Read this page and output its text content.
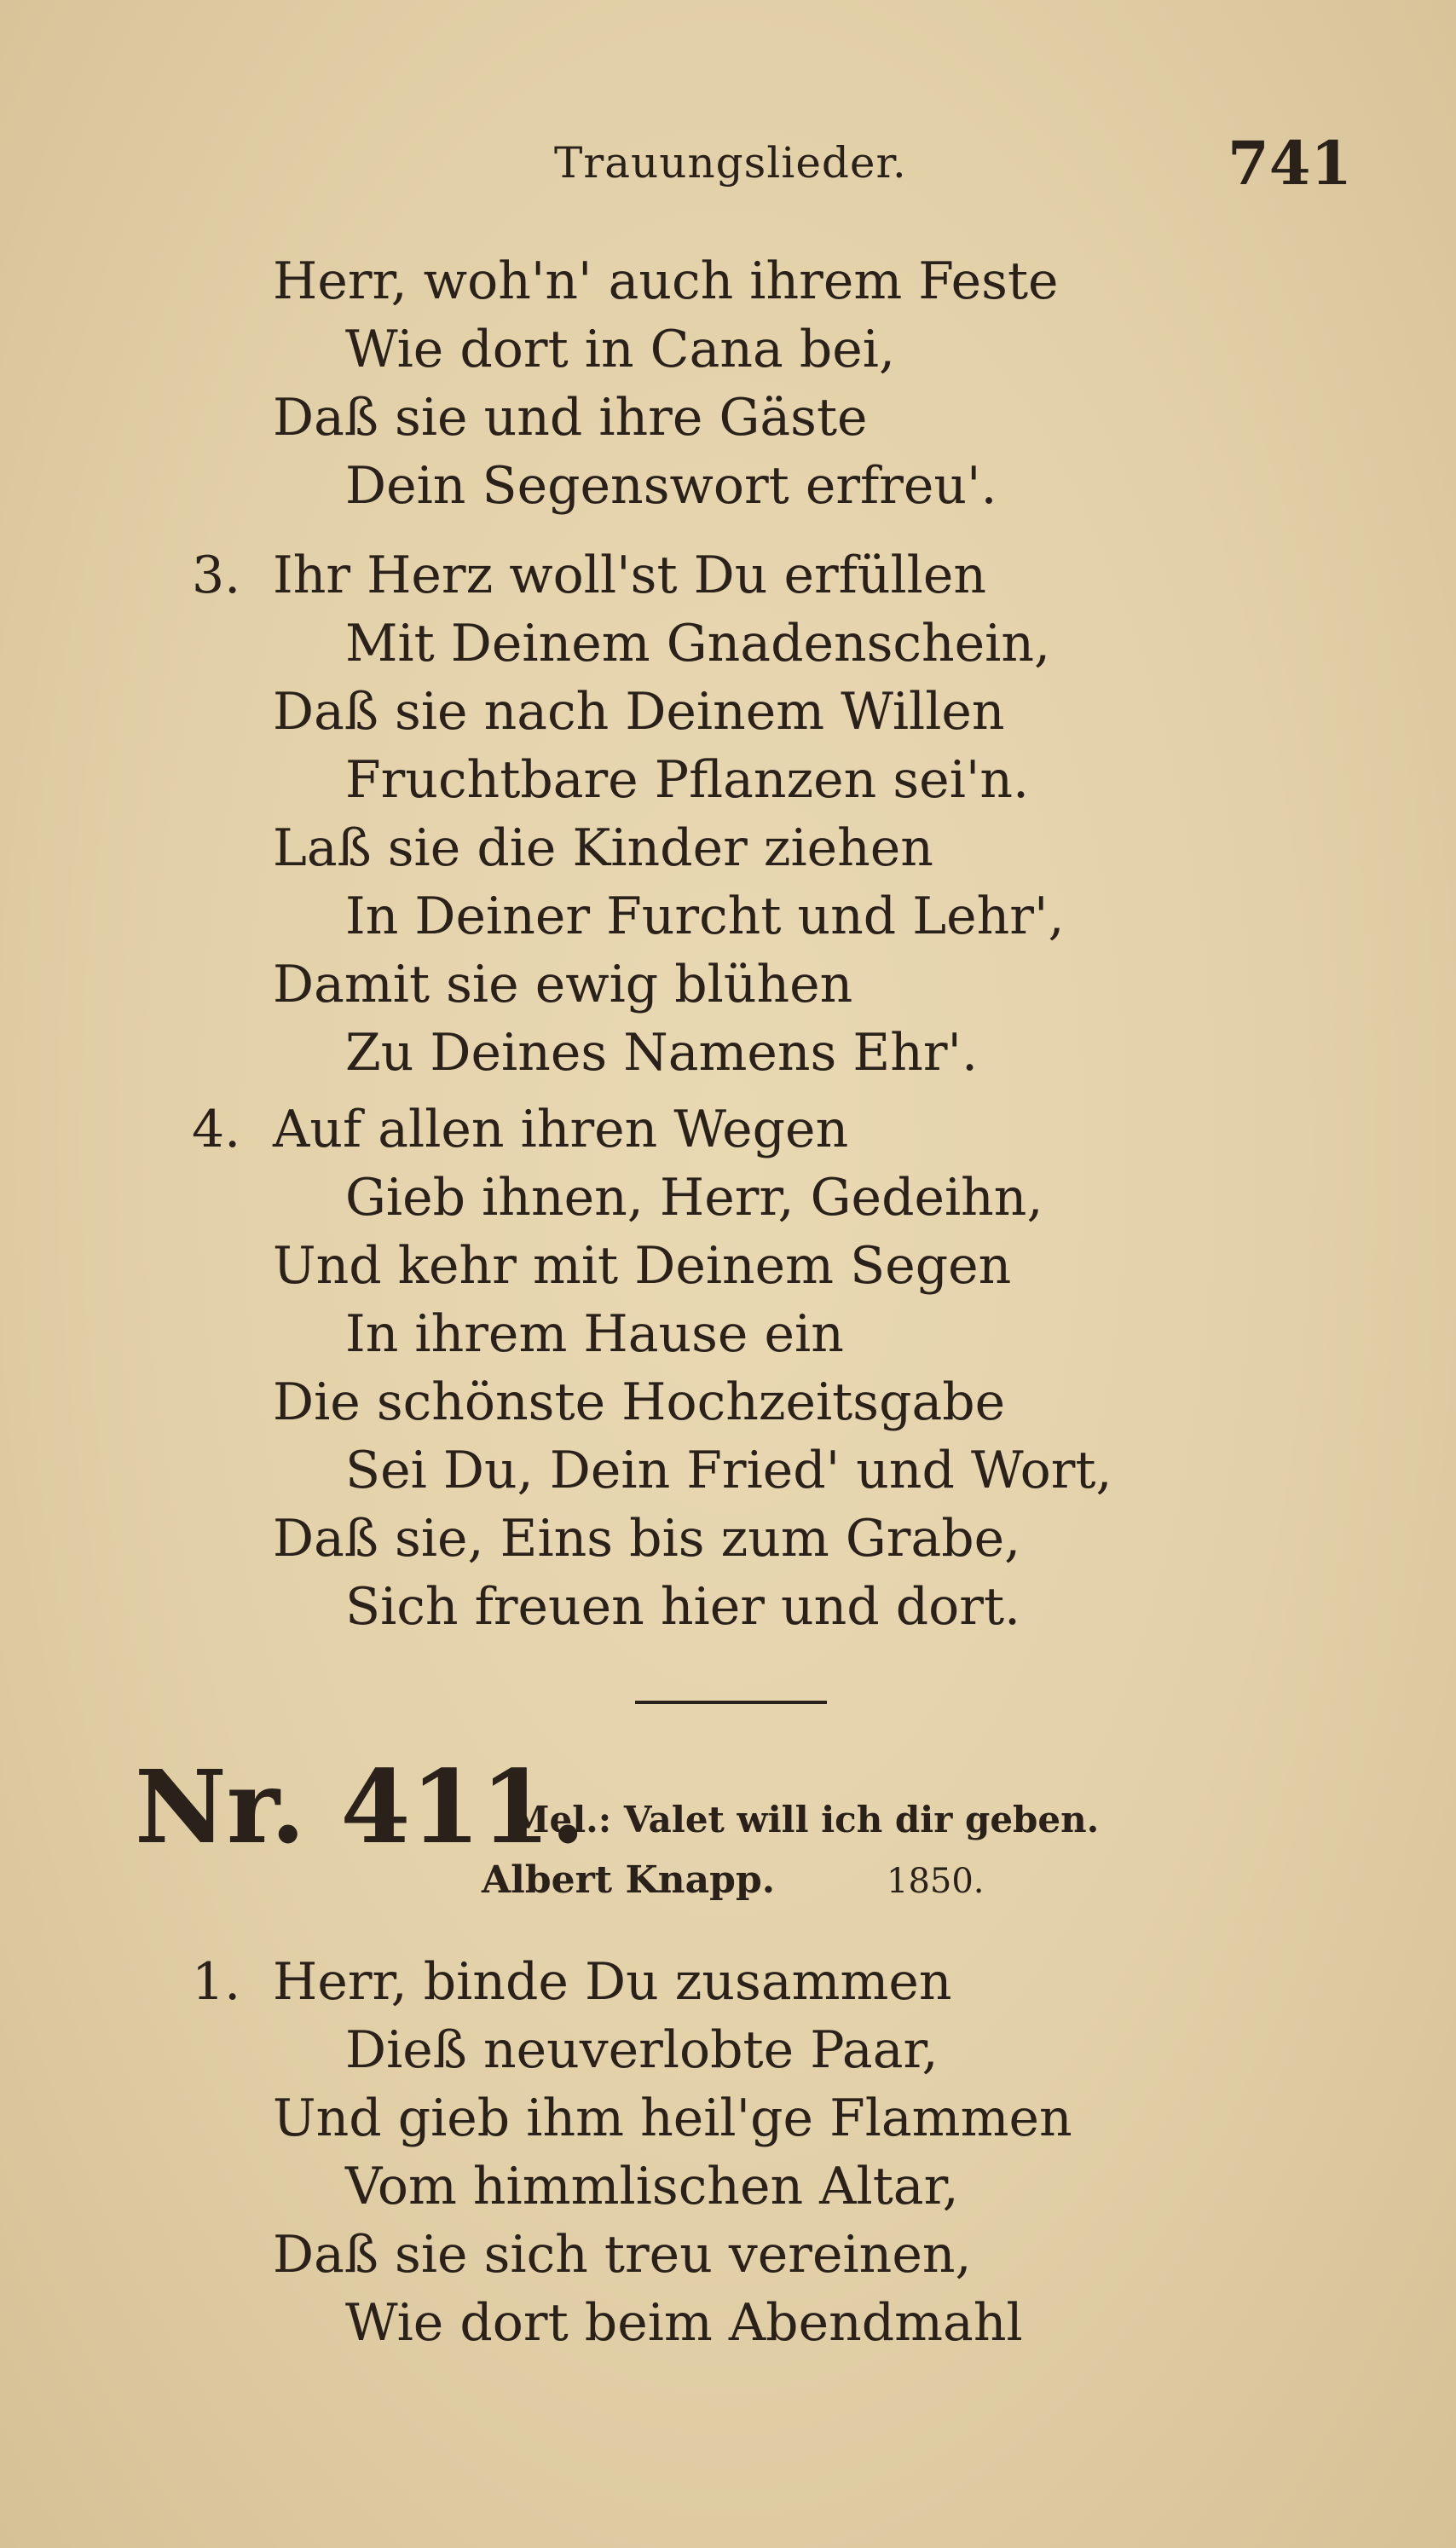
Trauungslieder.	741
Herr, woh'n' auch ihrem Feste
Wie dort in Cana bei,
Daß sie und ihre Gäste
Dein Segenswort erfreu'.
3. Ihr Herz woll'st Du erfüllen
Mit Deinem Gnadenschein,
Daß sie nach Deinem Willen
Fruchtbare Pflanzen sei'n.
Laß sie die Kinder ziehen
In Deiner Furcht und Lehr',
Damit sie ewig blühen
Zu Deines Namens Ehr'.
4. Auf allen ihren Wegen
Gieb ihnen, Herr, Gedeihn,
Und kehr mit Deinem Segen
In ihrem Hause ein
Die schönste Hochzeitsgabe
Sei Du, Dein Fried' und Wort,
Daß sie, Eins bis zum Grabe,
Sich freuen hier und dort.
Nr. 411.
Mel.: Valet will ich dir geben.
Albert Knapp.	1850.
1. Herr, binde Du zusammen
Dieß neuverlobte Paar,
Und gieb ihm heil'ge Flammen
Vom himmlischen Altar,
Daß sie sich treu vereinen,
Wie dort beim Abendmahl
